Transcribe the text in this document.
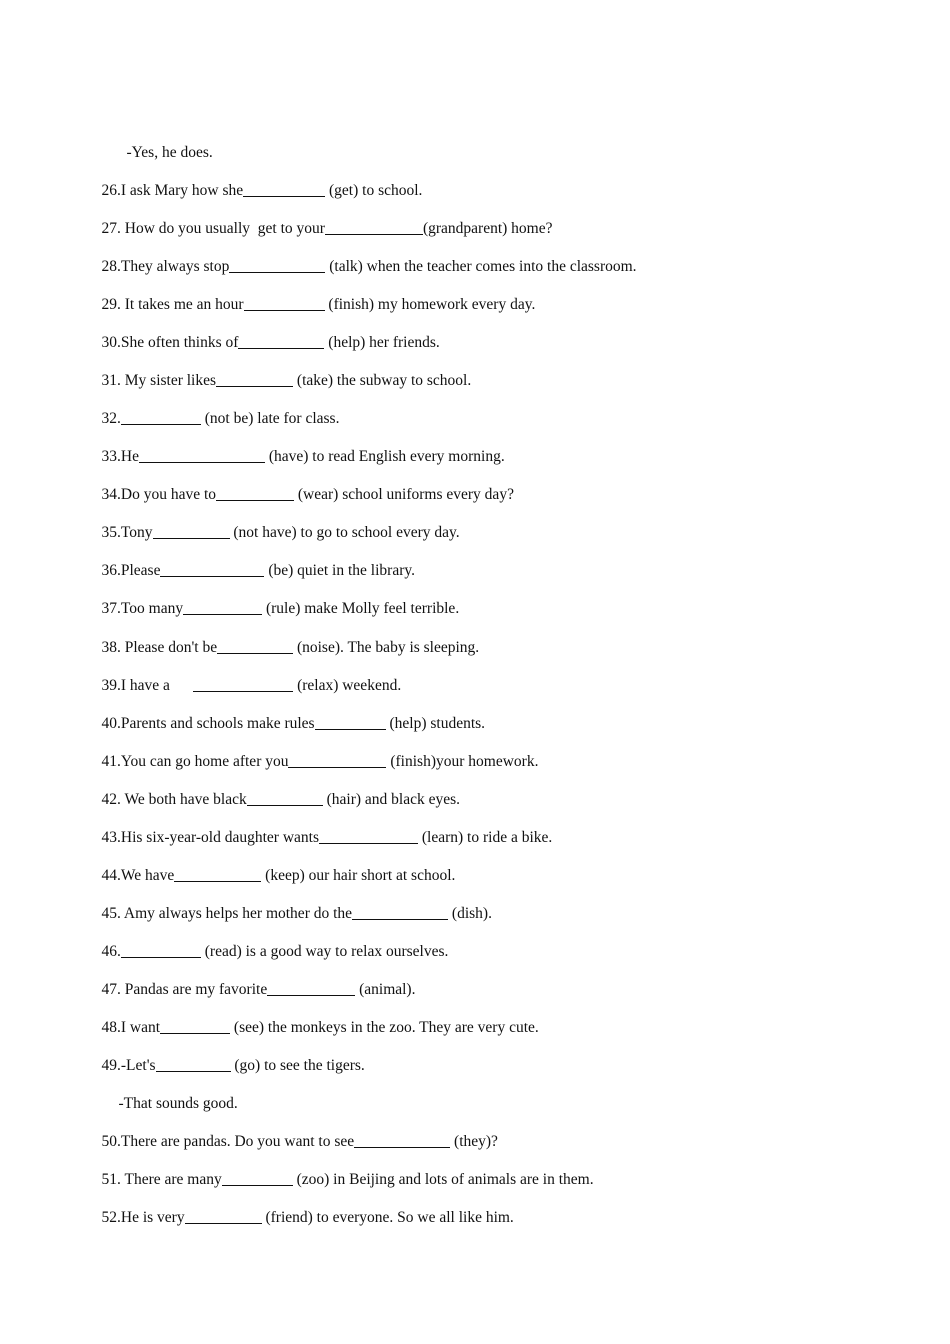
-Yes, he does.

26.I ask Mary how she	(get) to school.

27. How do you usually  get to your	(grandparent) home?

28.They always stop	(talk) when the teacher comes into the classroom.

29. It takes me an hour	(finish) my homework every day.

30.She often thinks of	(help) her friends.

31. My sister likes	(take) the subway to school.

32.	(not be) late for class.

33.He	(have) to read English every morning.

34.Do you have to	(wear) school uniforms every day?

35.Tony	(not have) to go to school every day.

36.Please	(be) quiet in the library.

37.Too many	(rule) make Molly feel terrible.

38. Please don't be	(noise). The baby is sleeping.

39.I have a	(relax) weekend.

40.Parents and schools make rules	(help) students.

41.You can go home after you	(finish)your homework.

42. We both have black	(hair) and black eyes.

43.His six-year-old daughter wants	(learn) to ride a bike.

44.We have	(keep) our hair short at school.

45. Amy always helps her mother do the	(dish).

46.	(read) is a good way to relax ourselves.

47. Pandas are my favorite	(animal).

48.I want	(see) the monkeys in the zoo. They are very cute.

49.-Let's	(go) to see the tigers.

-That sounds good.

50.There are pandas. Do you want to see	(they)?

51. There are many	(zoo) in Beijing and lots of animals are in them.

52.He is very	(friend) to everyone. So we all like him.
